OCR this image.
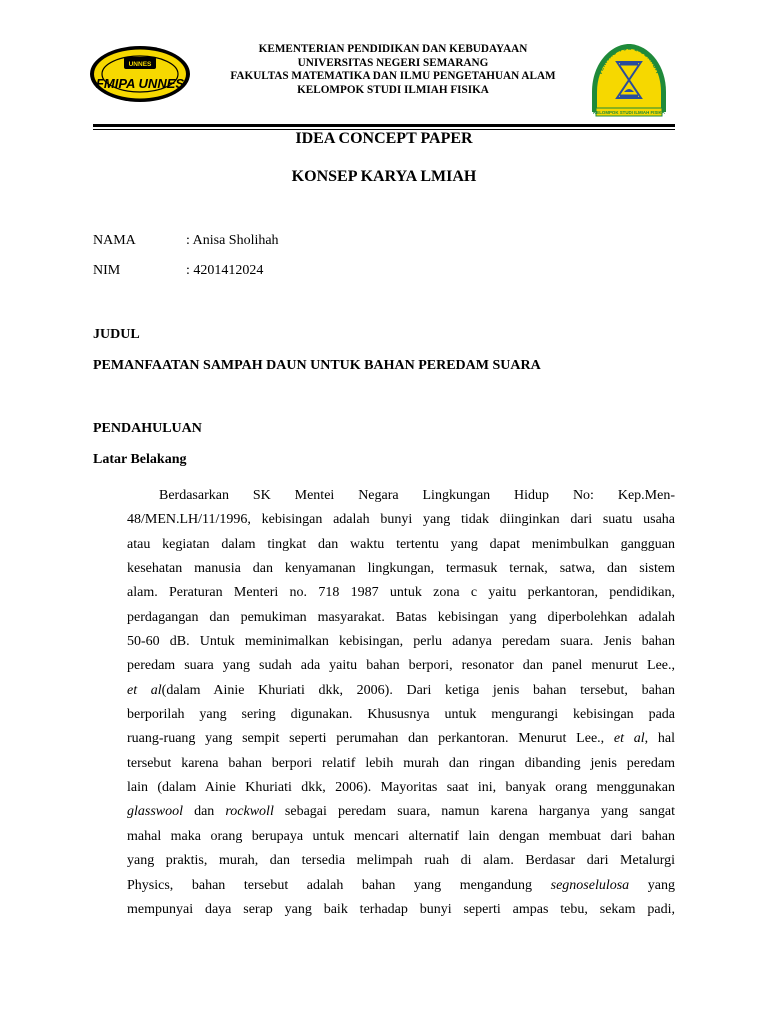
UNNES
FMIPA UNNES
KEMENTERIAN PENDIDIKAN DAN KEBUDAYAAN
UNIVERSITAS NEGERI SEMARANG
FAKULTAS MATEMATIKA DAN ILMU PENGETAHUAN ALAM
KELOMPOK STUDI ILMIAH FISIKA
VERITAS VOS LIBERABIT
KELOMPOK STUDI ILMIAH FISIKA
IDEA CONCEPT PAPER
KONSEP KARYA LMIAH
NAMA	: Anisa Sholihah
NIM	: 4201412024
JUDUL
PEMANFAATAN SAMPAH DAUN UNTUK BAHAN PEREDAM SUARA
PENDAHULUAN
Latar Belakang
Berdasarkan SK Mentei Negara Lingkungan Hidup No: Kep.Men-
48/MEN.LH/11/1996, kebisingan adalah bunyi yang tidak diinginkan dari suatu usaha
atau kegiatan dalam tingkat dan waktu tertentu yang dapat menimbulkan gangguan
kesehatan manusia dan kenyamanan lingkungan, termasuk ternak, satwa, dan sistem
alam. Peraturan Menteri no. 718 1987 untuk zona c yaitu perkantoran, pendidikan,
perdagangan dan pemukiman masyarakat. Batas kebisingan yang diperbolehkan adalah
50-60 dB. Untuk meminimalkan kebisingan, perlu adanya peredam suara. Jenis bahan
peredam suara yang sudah ada yaitu bahan berpori, resonator dan panel menurut Lee.,
et al(dalam Ainie Khuriati dkk, 2006). Dari ketiga jenis bahan tersebut, bahan
berporilah yang sering digunakan. Khususnya untuk mengurangi kebisingan pada
ruang-ruang yang sempit seperti perumahan dan perkantoran. Menurut Lee., et al, hal
tersebut karena bahan berpori relatif lebih murah dan ringan dibanding jenis peredam
lain (dalam Ainie Khuriati dkk, 2006). Mayoritas saat ini, banyak orang menggunakan
glasswool dan rockwoll sebagai peredam suara, namun karena harganya yang sangat
mahal maka orang berupaya untuk mencari alternatif lain dengan membuat dari bahan
yang praktis, murah, dan tersedia melimpah ruah di alam. Berdasar dari Metalurgi
Physics, bahan tersebut adalah bahan yang mengandung segnoselulosa yang
mempunyai daya serap yang baik terhadap bunyi seperti ampas tebu, sekam padi,
